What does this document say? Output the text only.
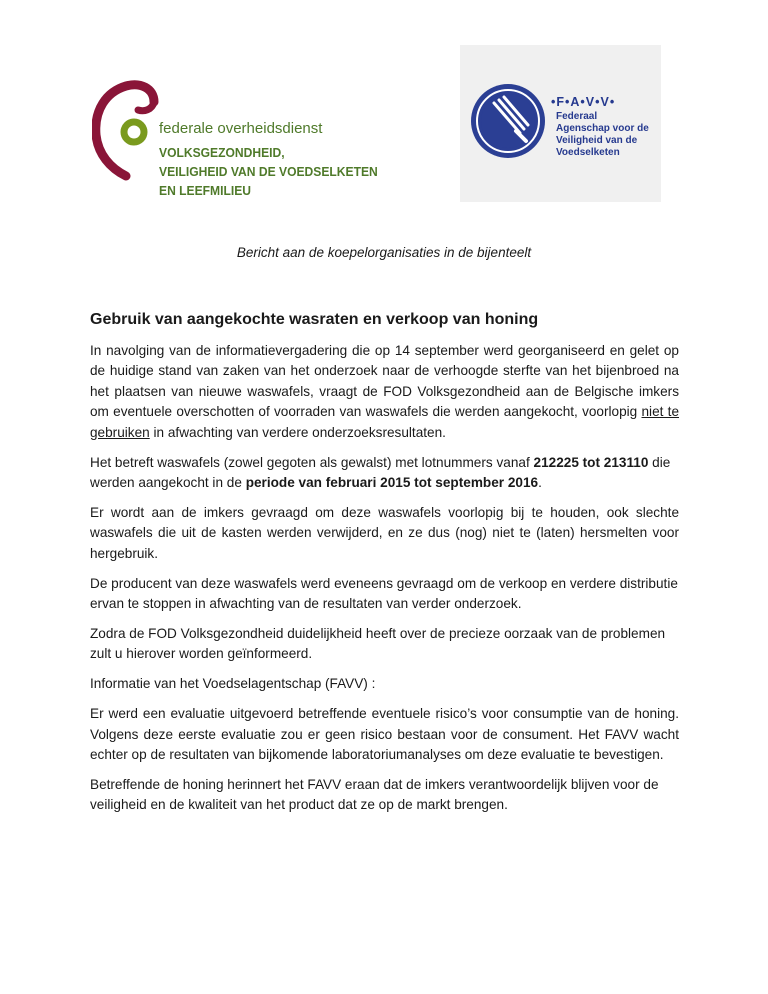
federale overheidsdienst
VOLKSGEZONDHEID,
VEILIGHEID VAN DE VOEDSELKETEN
EN LEEFMILIEU
•F•A•V•V•
Federaal
Agenschap voor de
Veiligheid van de
Voedselketen
Bericht aan de koepelorganisaties in de bijenteelt
Gebruik van aangekochte wasraten en verkoop van honing

In navolging van de informatievergadering die op 14 september werd georganiseerd en gelet op de huidige stand van zaken van het onderzoek naar de verhoogde sterfte van het bijenbroed na het plaatsen van nieuwe waswafels, vraagt de FOD Volksgezondheid aan de Belgische imkers om eventuele overschotten of voorraden van waswafels die werden aangekocht, voorlopig niet te gebruiken in afwachting van verdere onderzoeksresultaten.

Het betreft waswafels (zowel gegoten als gewalst) met lotnummers vanaf 212225 tot 213110 die werden aangekocht in de periode van februari 2015 tot september 2016.

Er wordt aan de imkers gevraagd om deze waswafels voorlopig bij te houden, ook slechte waswafels die uit de kasten werden verwijderd, en ze dus (nog) niet te (laten) hersmelten voor hergebruik.

De producent van deze waswafels werd eveneens gevraagd om de verkoop en verdere distributie ervan te stoppen in afwachting van de resultaten van verder onderzoek.

Zodra de FOD Volksgezondheid duidelijkheid heeft over de precieze oorzaak van de problemen zult u hierover worden geïnformeerd.

Informatie van het Voedselagentschap (FAVV) :

Er werd een evaluatie uitgevoerd betreffende eventuele risico’s voor consumptie van de honing. Volgens deze eerste evaluatie zou er geen risico bestaan voor de consument. Het FAVV wacht echter op de resultaten van bijkomende laboratoriumanalyses om deze evaluatie te bevestigen.

Betreffende de honing herinnert het FAVV eraan dat de imkers verantwoordelijk blijven voor de veiligheid en de kwaliteit van het product dat ze op de markt brengen.
